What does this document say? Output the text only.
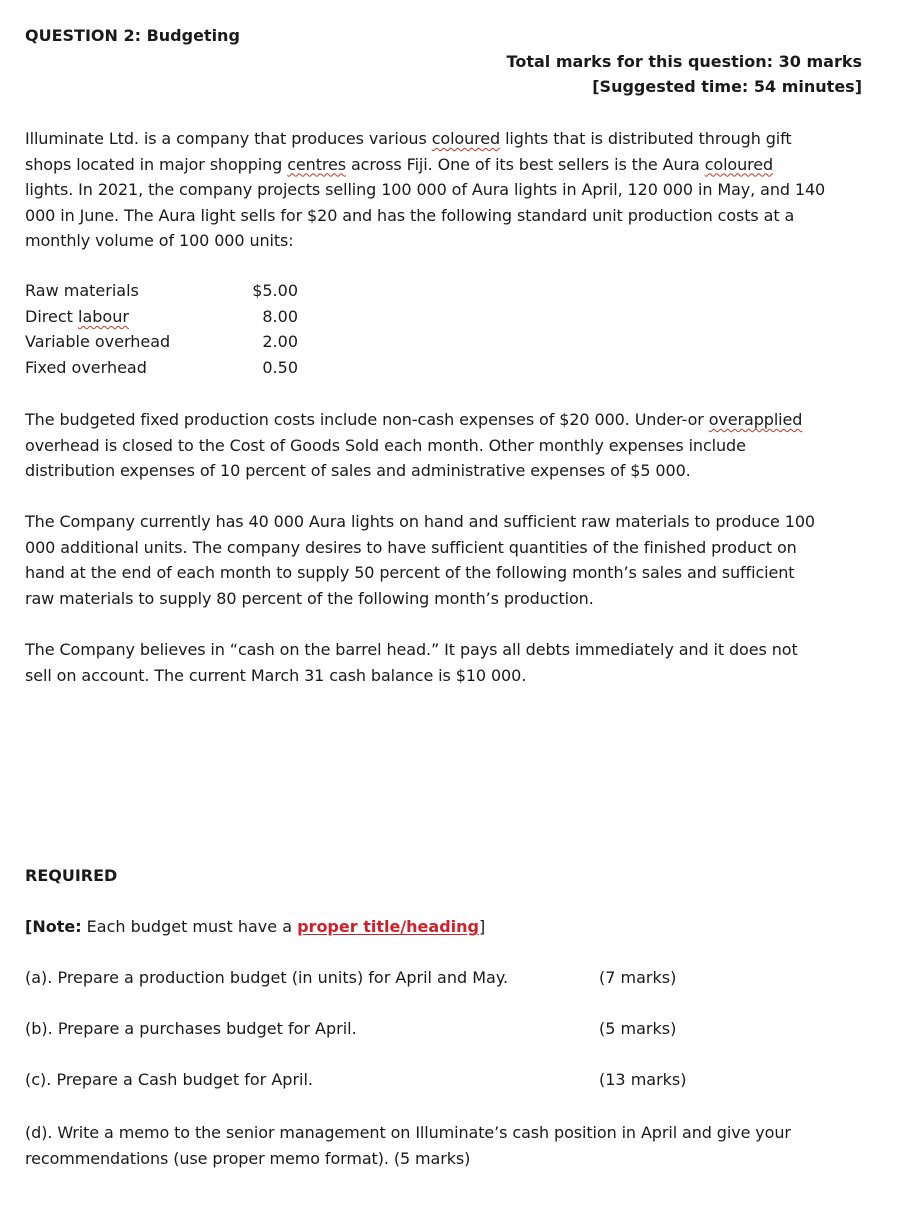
QUESTION 2: Budgeting
Total marks for this question: 30 marks
[Suggested time: 54 minutes]
Illuminate Ltd. is a company that produces various coloured lights that is distributed through gift
shops located in major shopping centres across Fiji. One of its best sellers is the Aura coloured
lights. In 2021, the company projects selling 100 000 of Aura lights in April, 120 000 in May, and 140
000 in June. The Aura light sells for $20 and has the following standard unit production costs at a
monthly volume of 100 000 units:
Raw materials	$5.00
Direct labour	8.00
Variable overhead	2.00
Fixed overhead	0.50
The budgeted fixed production costs include non-cash expenses of $20 000. Under-or overapplied
overhead is closed to the Cost of Goods Sold each month. Other monthly expenses include
distribution expenses of 10 percent of sales and administrative expenses of $5 000.
The Company currently has 40 000 Aura lights on hand and sufficient raw materials to produce 100
000 additional units. The company desires to have sufficient quantities of the finished product on
hand at the end of each month to supply 50 percent of the following month’s sales and sufficient
raw materials to supply 80 percent of the following month’s production.
The Company believes in “cash on the barrel head.” It pays all debts immediately and it does not
sell on account. The current March 31 cash balance is $10 000.
REQUIRED
[Note: Each budget must have a proper title/heading]
(a). Prepare a production budget (in units) for April and May.	(7 marks)
(b). Prepare a purchases budget for April.	(5 marks)
(c). Prepare a Cash budget for April.	(13 marks)
(d). Write a memo to the senior management on Illuminate’s cash position in April and give your
recommendations (use proper memo format). (5 marks)
